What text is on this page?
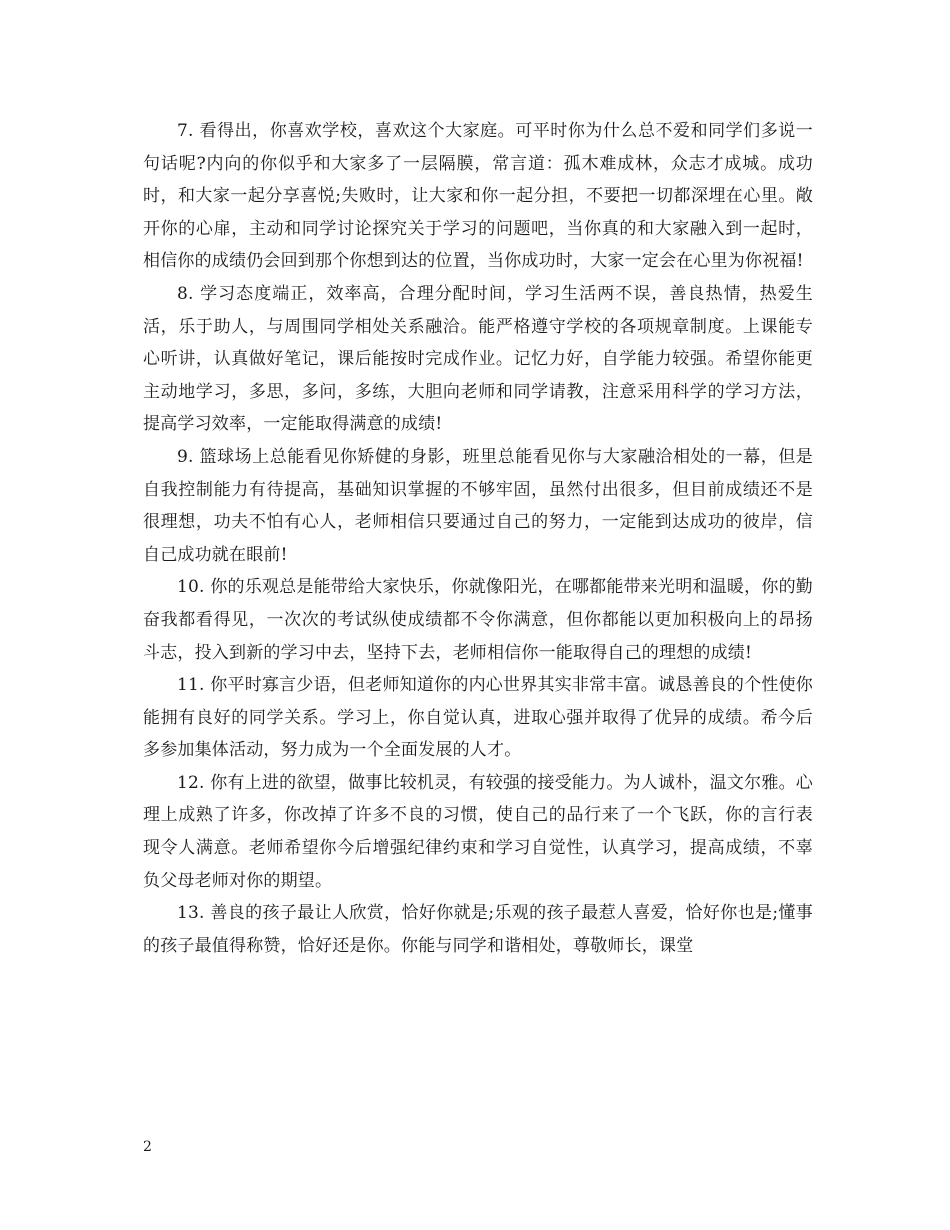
7. 看得出，你喜欢学校，喜欢这个大家庭。可平时你为什么总不爱和同学们多说一句话呢?内向的你似乎和大家多了一层隔膜，常言道：孤木难成林，众志才成城。成功时，和大家一起分享喜悦;失败时，让大家和你一起分担，不要把一切都深埋在心里。敞开你的心扉，主动和同学讨论探究关于学习的问题吧，当你真的和大家融入到一起时，相信你的成绩仍会回到那个你想到达的位置，当你成功时，大家一定会在心里为你祝福!

8. 学习态度端正，效率高，合理分配时间，学习生活两不误，善良热情，热爱生活，乐于助人，与周围同学相处关系融洽。能严格遵守学校的各项规章制度。上课能专心听讲，认真做好笔记，课后能按时完成作业。记忆力好，自学能力较强。希望你能更主动地学习，多思，多问，多练，大胆向老师和同学请教，注意采用科学的学习方法，提高学习效率，一定能取得满意的成绩!

9. 篮球场上总能看见你矫健的身影，班里总能看见你与大家融洽相处的一幕，但是自我控制能力有待提高，基础知识掌握的不够牢固，虽然付出很多，但目前成绩还不是很理想，功夫不怕有心人，老师相信只要通过自己的努力，一定能到达成功的彼岸，信自己成功就在眼前!

10. 你的乐观总是能带给大家快乐，你就像阳光，在哪都能带来光明和温暖，你的勤奋我都看得见，一次次的考试纵使成绩都不令你满意，但你都能以更加积极向上的昂扬斗志，投入到新的学习中去，坚持下去，老师相信你一能取得自己的理想的成绩!

11. 你平时寡言少语，但老师知道你的内心世界其实非常丰富。诚恳善良的个性使你能拥有良好的同学关系。学习上，你自觉认真，进取心强并取得了优异的成绩。希今后多参加集体活动，努力成为一个全面发展的人才。

12. 你有上进的欲望，做事比较机灵，有较强的接受能力。为人诚朴，温文尔雅。心理上成熟了许多，你改掉了许多不良的习惯，使自己的品行来了一个飞跃，你的言行表现令人满意。老师希望你今后增强纪律约束和学习自觉性，认真学习，提高成绩，不辜负父母老师对你的期望。

13. 善良的孩子最让人欣赏，恰好你就是;乐观的孩子最惹人喜爱，恰好你也是;懂事的孩子最值得称赞，恰好还是你。你能与同学和谐相处，尊敬师长，课堂

2
